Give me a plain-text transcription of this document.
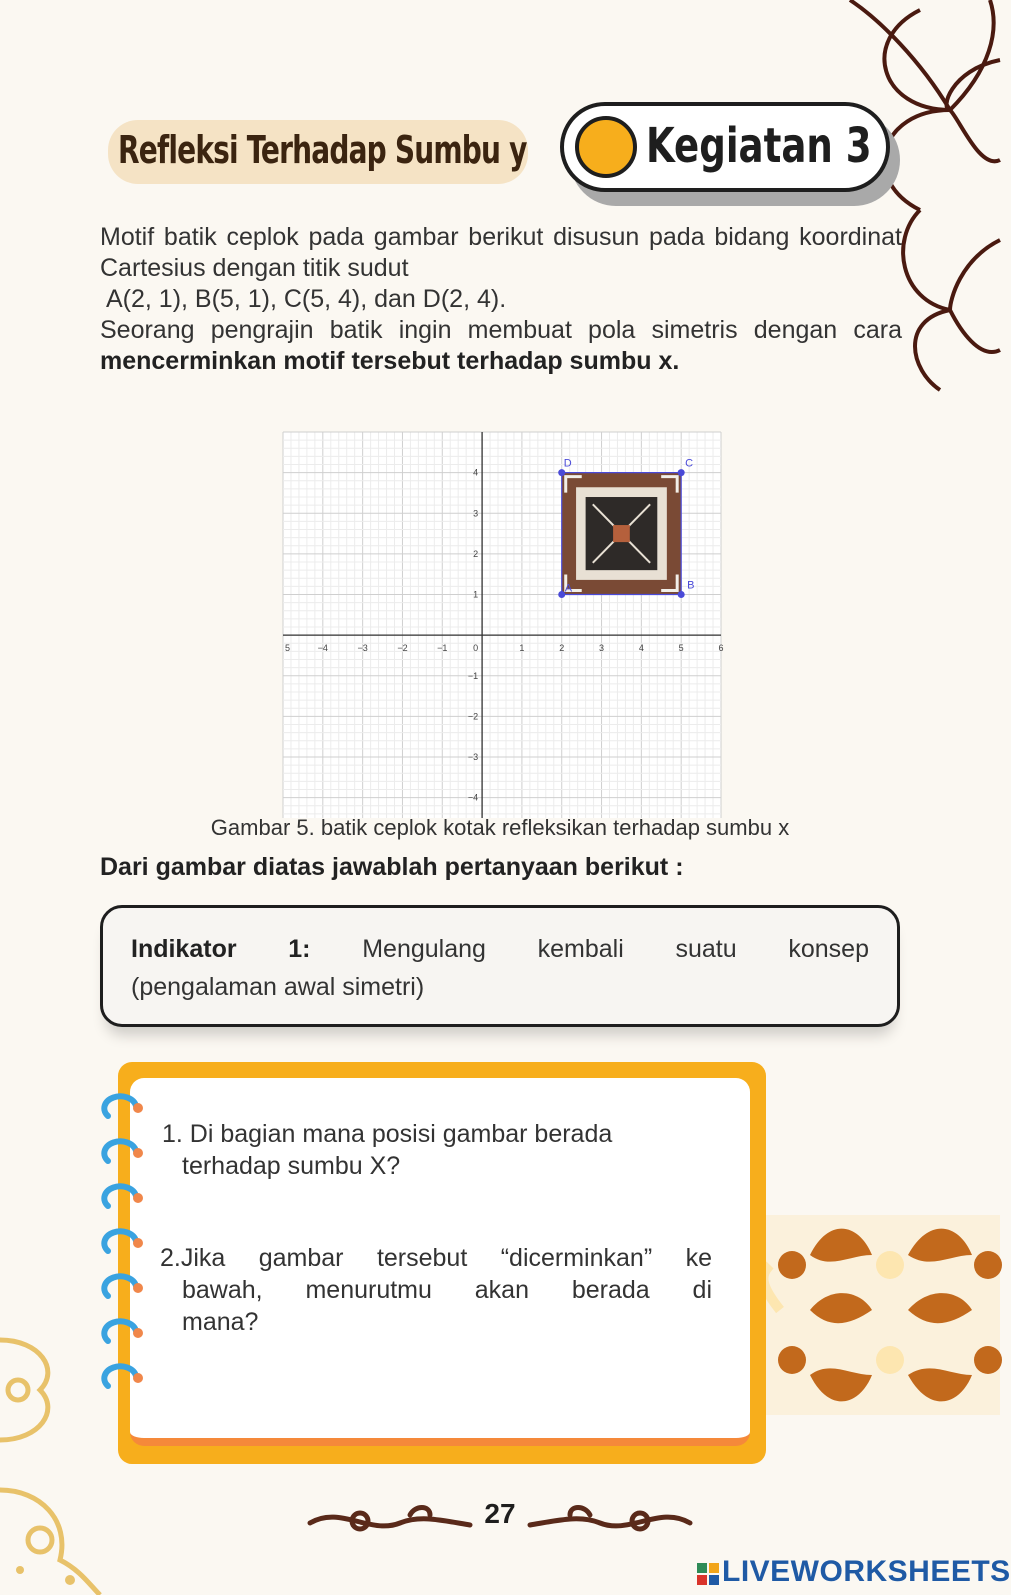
Refleksi Terhadap Sumbu y Kegiatan 3

Motif batik ceplok pada gambar berikut disusun pada bidang koordinat Cartesius dengan titik sudut

A(2, 1), B(5, 1), C(5, 4), dan D(2, 4).

Seorang pengrajin batik ingin membuat pola simetris dengan cara mencerminkan motif tersebut terhadap sumbu x.

5	−4	−3	−2	−1	0	1	2	3	4	5	6
4
3
2
1
−1
−2
−3
−4
A	B
C
D
Gambar 5. batik ceplok kotak refleksikan terhadap sumbu x
Dari gambar diatas jawablah pertanyaan berikut :
Indikator 1: Mengulang kembali suatu konsep
(pengalaman awal simetri)
1. Di bagian mana posisi gambar berada
terhadap sumbu X?
2.Jika gambar tersebut “dicerminkan” ke
bawah, menurutmu akan berada di
mana?
27
LIVEWORKSHEETS
